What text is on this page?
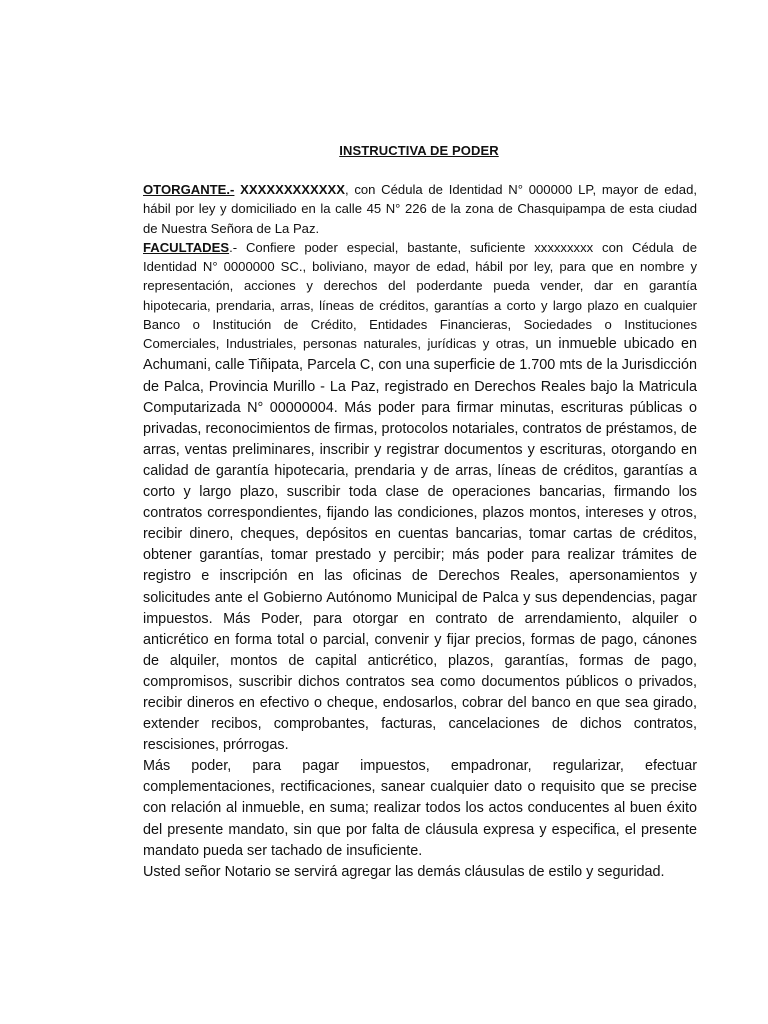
INSTRUCTIVA DE PODER

OTORGANTE.- XXXXXXXXXXXX, con Cédula de Identidad N° 000000 LP, mayor de edad, hábil por ley y domiciliado en la calle 45 N° 226 de la zona de Chasquipampa de esta ciudad de Nuestra Señora de La Paz.

FACULTADES.- Confiere poder especial, bastante, suficiente xxxxxxxxx con Cédula de Identidad N° 0000000 SC., boliviano, mayor de edad, hábil por ley, para que en nombre y representación, acciones y derechos del poderdante pueda vender, dar en garantía hipotecaria, prendaria, arras, líneas de créditos, garantías a corto y largo plazo en cualquier Banco o Institución de Crédito, Entidades Financieras, Sociedades o Instituciones Comerciales, Industriales, personas naturales, jurídicas y otras, un inmueble ubicado en Achumani, calle Tiñipata, Parcela C, con una superficie de 1.700 mts de la Jurisdicción de Palca, Provincia Murillo - La Paz, registrado en Derechos Reales bajo la Matricula Computarizada N° 00000004. Más poder para firmar minutas, escrituras públicas o privadas, reconocimientos de firmas, protocolos notariales, contratos de préstamos, de arras, ventas preliminares, inscribir y registrar documentos y escrituras, otorgando en calidad de garantía hipotecaria, prendaria y de arras, líneas de créditos, garantías a corto y largo plazo, suscribir toda clase de operaciones bancarias, firmando los contratos correspondientes, fijando las condiciones, plazos montos, intereses y otros, recibir dinero, cheques, depósitos en cuentas bancarias, tomar cartas de créditos, obtener garantías, tomar prestado y percibir; más poder para realizar trámites de registro e inscripción en las oficinas de Derechos Reales, apersonamientos y solicitudes ante el Gobierno Autónomo Municipal de Palca y sus dependencias, pagar impuestos. Más Poder, para otorgar en contrato de arrendamiento, alquiler o anticrético en forma total o parcial, convenir y fijar precios, formas de pago, cánones de alquiler, montos de capital anticrético, plazos, garantías, formas de pago, compromisos, suscribir dichos contratos sea como documentos públicos o privados, recibir dineros en efectivo o cheque, endosarlos, cobrar del banco en que sea girado, extender recibos, comprobantes, facturas, cancelaciones de dichos contratos, rescisiones, prórrogas.

Más poder, para pagar impuestos, empadronar, regularizar, efectuar complementaciones, rectificaciones, sanear cualquier dato o requisito que se precise con relación al inmueble, en suma; realizar todos los actos conducentes al buen éxito del presente mandato, sin que por falta de cláusula expresa y especifica, el presente mandato pueda ser tachado de insuficiente.

Usted señor Notario se servirá agregar las demás cláusulas de estilo y seguridad.
